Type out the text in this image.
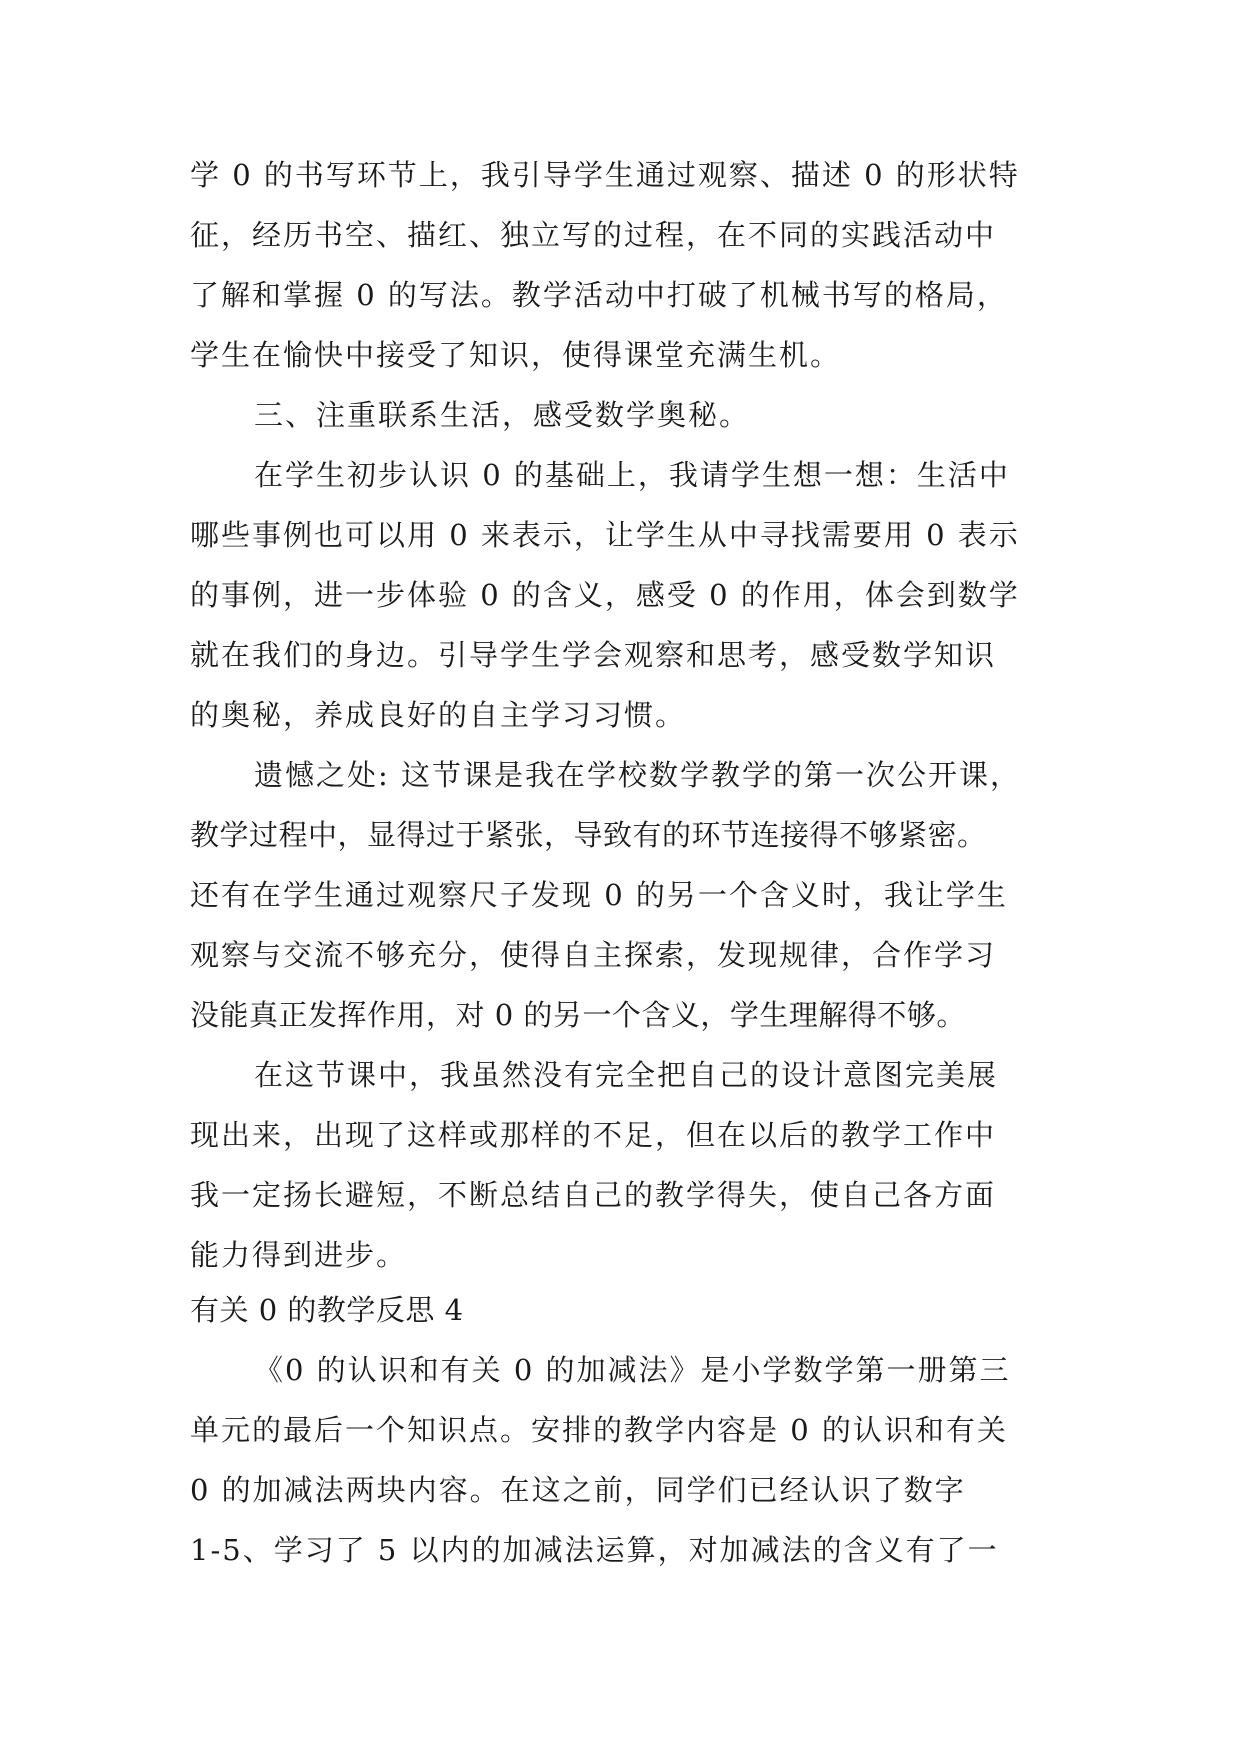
学 0 的书写环节上，我引导学生通过观察、描述 0 的形状特
征，经历书空、描红、独立写的过程，在不同的实践活动中
了解和掌握 0 的写法。教学活动中打破了机械书写的格局，
学生在愉快中接受了知识，使得课堂充满生机。
三、注重联系生活，感受数学奥秘。
在学生初步认识 0 的基础上，我请学生想一想：生活中
哪些事例也可以用 0 来表示，让学生从中寻找需要用 0 表示
的事例，进一步体验 0 的含义，感受 0 的作用，体会到数学
就在我们的身边。引导学生学会观察和思考，感受数学知识
的奥秘，养成良好的自主学习习惯。
遗憾之处: 这节课是我在学校数学教学的第一次公开课，
教学过程中，显得过于紧张，导致有的环节连接得不够紧密。
还有在学生通过观察尺子发现 0 的另一个含义时，我让学生
观察与交流不够充分，使得自主探索，发现规律，合作学习
没能真正发挥作用，对 0 的另一个含义，学生理解得不够。
在这节课中，我虽然没有完全把自己的设计意图完美展
现出来，出现了这样或那样的不足，但在以后的教学工作中
我一定扬长避短，不断总结自己的教学得失，使自己各方面
能力得到进步。
有关 0 的教学反思 4
《0 的认识和有关 0 的加减法》是小学数学第一册第三
单元的最后一个知识点。安排的教学内容是 0 的认识和有关
0 的加减法两块内容。在这之前，同学们已经认识了数字
1-5、学习了 5 以内的加减法运算，对加减法的含义有了一
